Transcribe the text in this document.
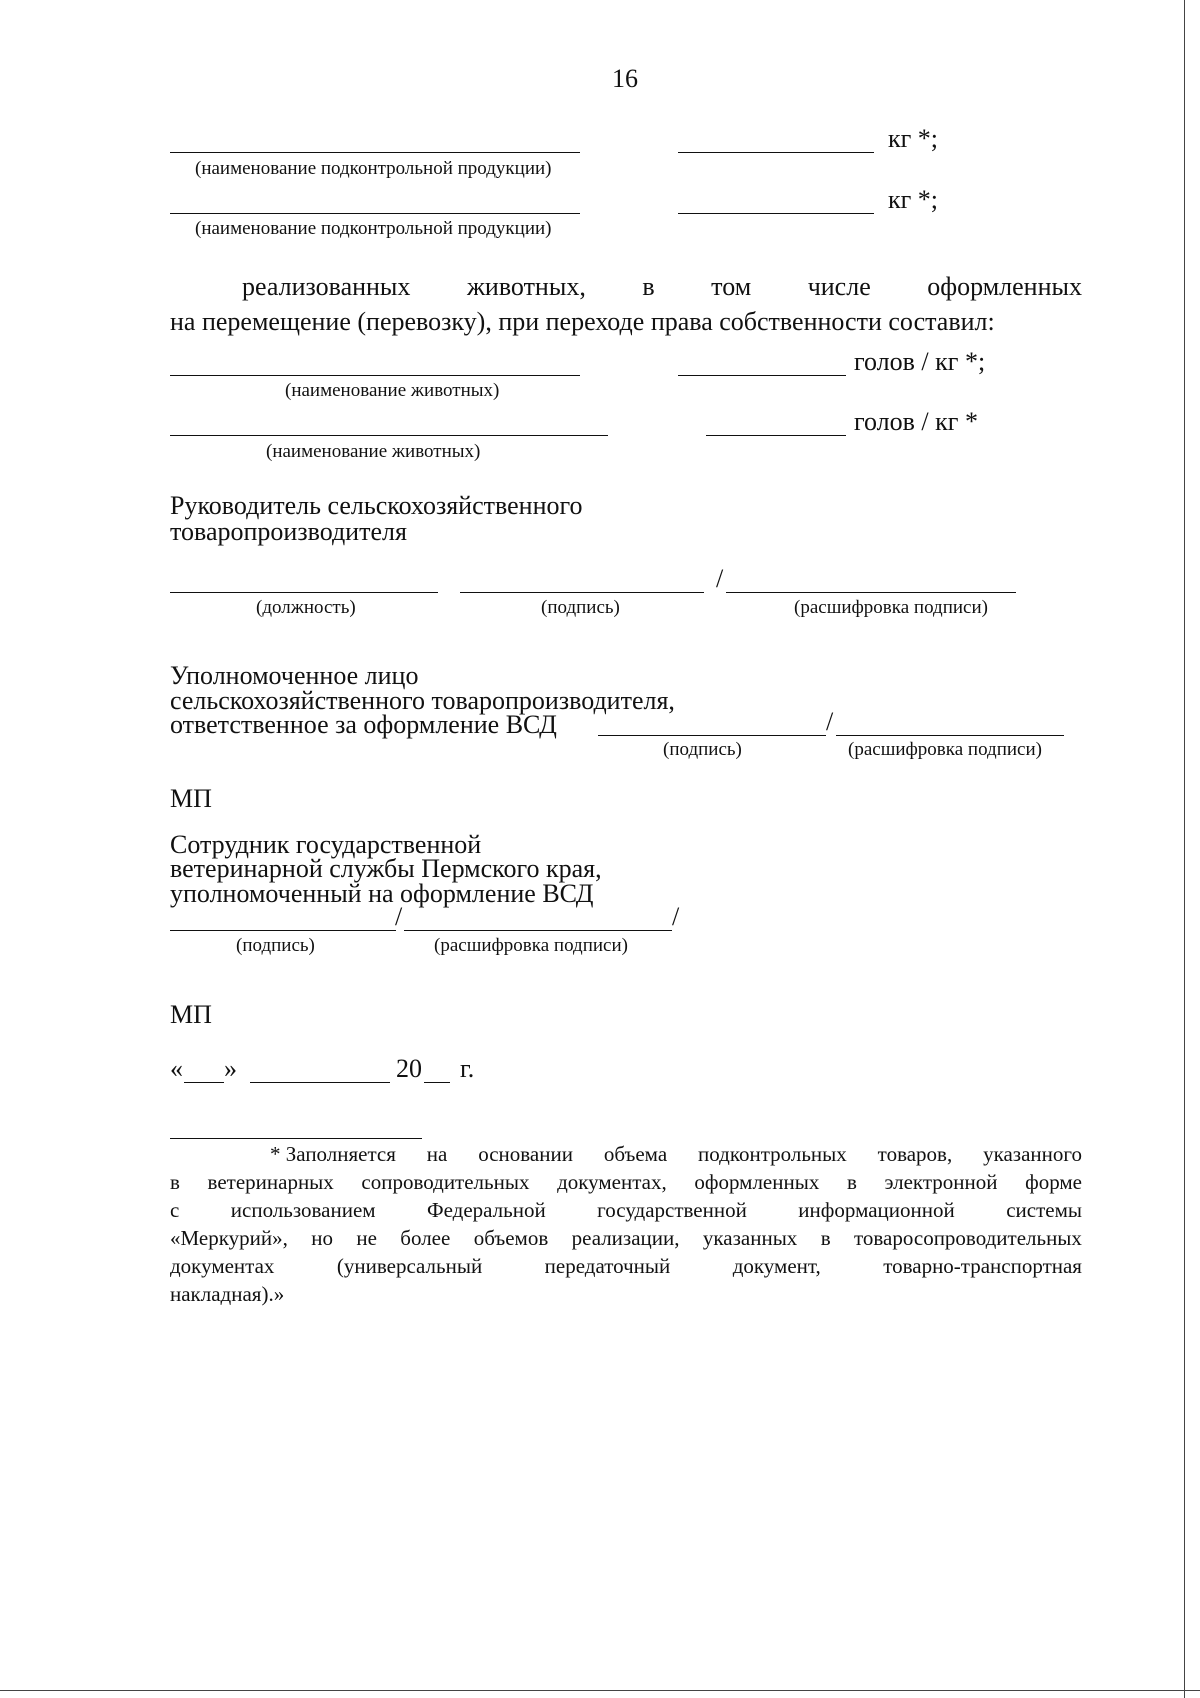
16
кг *;
(наименование подконтрольной продукции)
кг *;
(наименование подконтрольной продукции)
реализованных животных, в том числе оформленных
на перемещение (перевозку), при переходе права собственности составил:
голов / кг *;
(наименование животных)
голов / кг *
(наименование животных)
Руководитель сельскохозяйственного
товаропроизводителя
/
(должность)	(подпись)	(расшифровка подписи)
Уполномоченное лицо
сельскохозяйственного товаропроизводителя,
ответственное за оформление ВСД	/
(подпись)	(расшифровка подписи)
МП
Сотрудник государственной
ветеринарной службы Пермского края,
уполномоченный на оформление ВСД
/	/
(подпись)	(расшифровка подписи)
МП
« »	20 г.
* Заполняется на основании объема подконтрольных товаров, указанного
в ветеринарных сопроводительных документах, оформленных в электронной форме
с использованием Федеральной государственной информационной системы
«Меркурий», но не более объемов реализации, указанных в товаросопроводительных
документах	(универсальный	передаточный	документ,	товарно-транспортная
накладная).»
